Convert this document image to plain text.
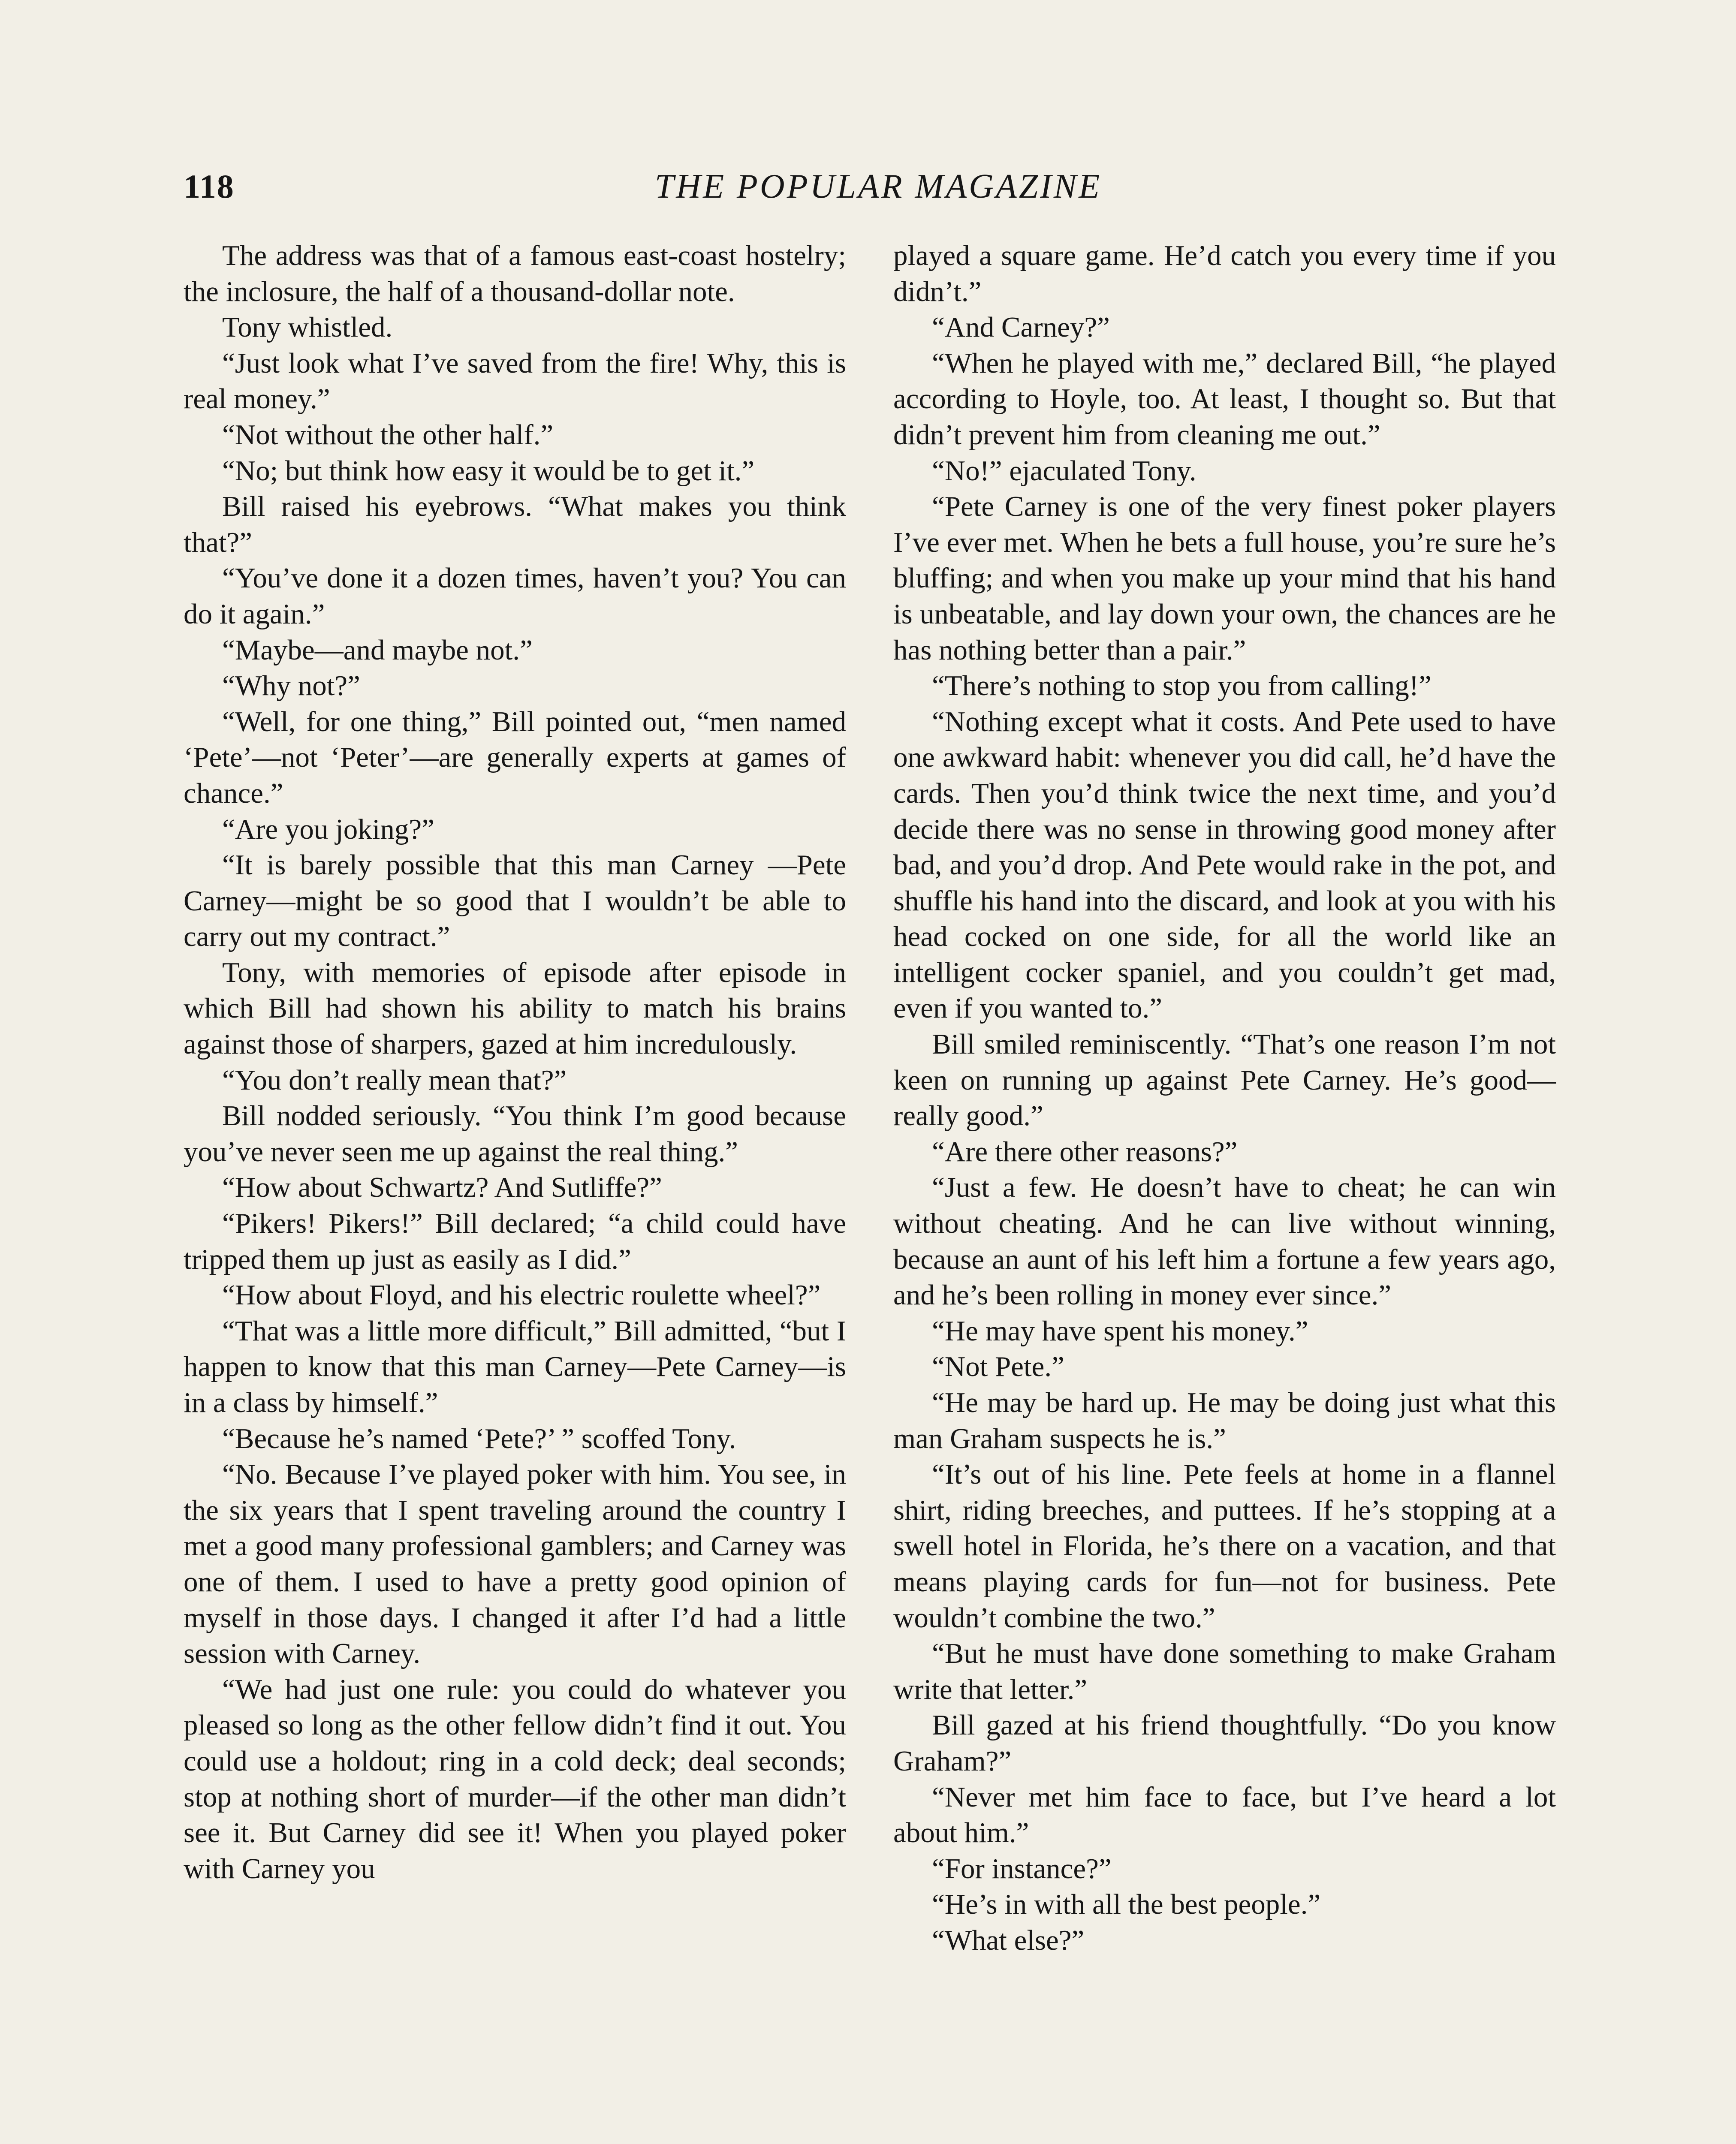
118	THE POPULAR MAGAZINE

The address was that of a famous east-coast hostelry; the inclosure, the half of a thousand-dollar note.

Tony whistled.

“Just look what I’ve saved from the fire! Why, this is real money.”

“Not without the other half.”

“No; but think how easy it would be to get it.”

Bill raised his eyebrows. “What makes you think that?”

“You’ve done it a dozen times, haven’t you? You can do it again.”

“Maybe—and maybe not.”

“Why not?”

“Well, for one thing,” Bill pointed out, “men named ‘Pete’—not ‘Peter’—are generally experts at games of chance.”

“Are you joking?”

“It is barely possible that this man Carney —Pete Carney—might be so good that I wouldn’t be able to carry out my contract.”

Tony, with memories of episode after episode in which Bill had shown his ability to match his brains against those of sharpers, gazed at him incredulously.

“You don’t really mean that?”

Bill nodded seriously. “You think I’m good because you’ve never seen me up against the real thing.”

“How about Schwartz? And Sutliffe?”

“Pikers! Pikers!” Bill declared; “a child could have tripped them up just as easily as I did.”

“How about Floyd, and his electric roulette wheel?”

“That was a little more difficult,” Bill admitted, “but I happen to know that this man Carney—Pete Carney—is in a class by himself.”

“Because he’s named ‘Pete?’ ” scoffed Tony.

“No. Because I’ve played poker with him. You see, in the six years that I spent traveling around the country I met a good many professional gamblers; and Carney was one of them. I used to have a pretty good opinion of myself in those days. I changed it after I’d had a little session with Carney.

“We had just one rule: you could do whatever you pleased so long as the other fellow didn’t find it out. You could use a holdout; ring in a cold deck; deal seconds; stop at nothing short of murder—if the other man didn’t see it. But Carney did see it! When you played poker with Carney you

played a square game. He’d catch you every time if you didn’t.”

“And Carney?”

“When he played with me,” declared Bill, “he played according to Hoyle, too. At least, I thought so. But that didn’t prevent him from cleaning me out.”

“No!” ejaculated Tony.

“Pete Carney is one of the very finest poker players I’ve ever met. When he bets a full house, you’re sure he’s bluffing; and when you make up your mind that his hand is unbeatable, and lay down your own, the chances are he has nothing better than a pair.”

“There’s nothing to stop you from calling!”

“Nothing except what it costs. And Pete used to have one awkward habit: whenever you did call, he’d have the cards. Then you’d think twice the next time, and you’d decide there was no sense in throwing good money after bad, and you’d drop. And Pete would rake in the pot, and shuffle his hand into the discard, and look at you with his head cocked on one side, for all the world like an intelligent cocker spaniel, and you couldn’t get mad, even if you wanted to.”

Bill smiled reminiscently. “That’s one reason I’m not keen on running up against Pete Carney. He’s good—really good.”

“Are there other reasons?”

“Just a few. He doesn’t have to cheat; he can win without cheating. And he can live without winning, because an aunt of his left him a fortune a few years ago, and he’s been rolling in money ever since.”

“He may have spent his money.”

“Not Pete.”

“He may be hard up. He may be doing just what this man Graham suspects he is.”

“It’s out of his line. Pete feels at home in a flannel shirt, riding breeches, and puttees. If he’s stopping at a swell hotel in Florida, he’s there on a vacation, and that means playing cards for fun—not for business. Pete wouldn’t combine the two.”

“But he must have done something to make Graham write that letter.”

Bill gazed at his friend thoughtfully. “Do you know Graham?”

“Never met him face to face, but I’ve heard a lot about him.”

“For instance?”

“He’s in with all the best people.”

“What else?”
